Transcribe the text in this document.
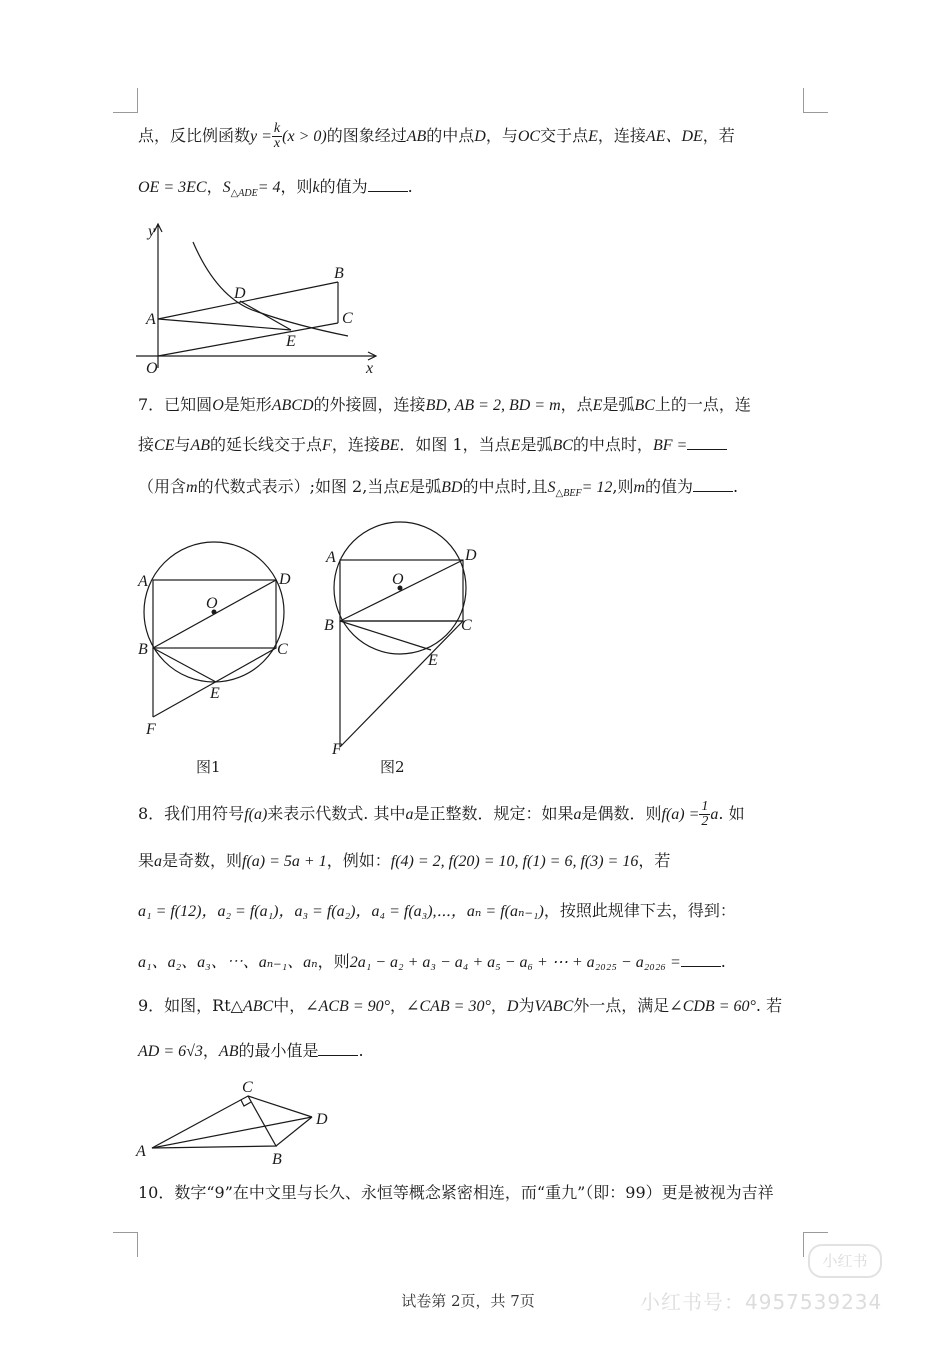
点，反比例函数$y = \frac{k}{x} (x > 0)$的图象经过AB的中点D，与OC交于点E，连接AE、DE，若
OE = 3EC，$S_{\triangle ADE}= 4$，则k的值为	.
y
x
O
A
B
C
D
E
7．已知圆O是矩形ABCD的外接圆，连接BD, AB = 2, BD = m，点E是弧BC上的一点，连
接CE与AB的延长线交于点F，连接BE．如图 1，当点E是弧BC的中点时，BF =
（用含m的代数式表示）;如图 2,当点E是弧BD的中点时,且$S_{\triangle BEF}= 12$,则m的值为	.
A	D
O
B	C
E
F
图1
A	D
O
B	C
E
F
图2
8．我们用符号f(a)来表示代数式. 其中a是正整数．规定：如果a是偶数．则$f(a) = \frac{1}{2} a$. 如
果a是奇数，则f(a) = 5a + 1，例如：f(4) = 2, f(20) = 10, f(1) = 6, f(3) = 16，若
a₁ = f(12)，a₂ = f(a₁)，a₃ = f(a₂)，a₄ = f(a₃),⋯，aₙ = f(aₙ₋₁)，按照此规律下去，得到：
a₁、a₂、a₃、⋯、aₙ₋₁、aₙ，则2a₁ − a₂ + a₃ − a₄ + a₅ − a₆ + ⋯ + a₂₀₂₅ − a₂₀₂₆ =	.
9．如图，Rt△ABC中，∠ACB = 90°，∠CAB = 30°，D为VABC外一点，满足∠CDB = 60°. 若
AD = 6√3，AB的最小值是	.
A
C
D
B
10．数字“9”在中文里与长久、永恒等概念紧密相连，而“重九”（即：99）更是被视为吉祥
试卷第 2页，共 7页
小红书
小红书号：4957539234
